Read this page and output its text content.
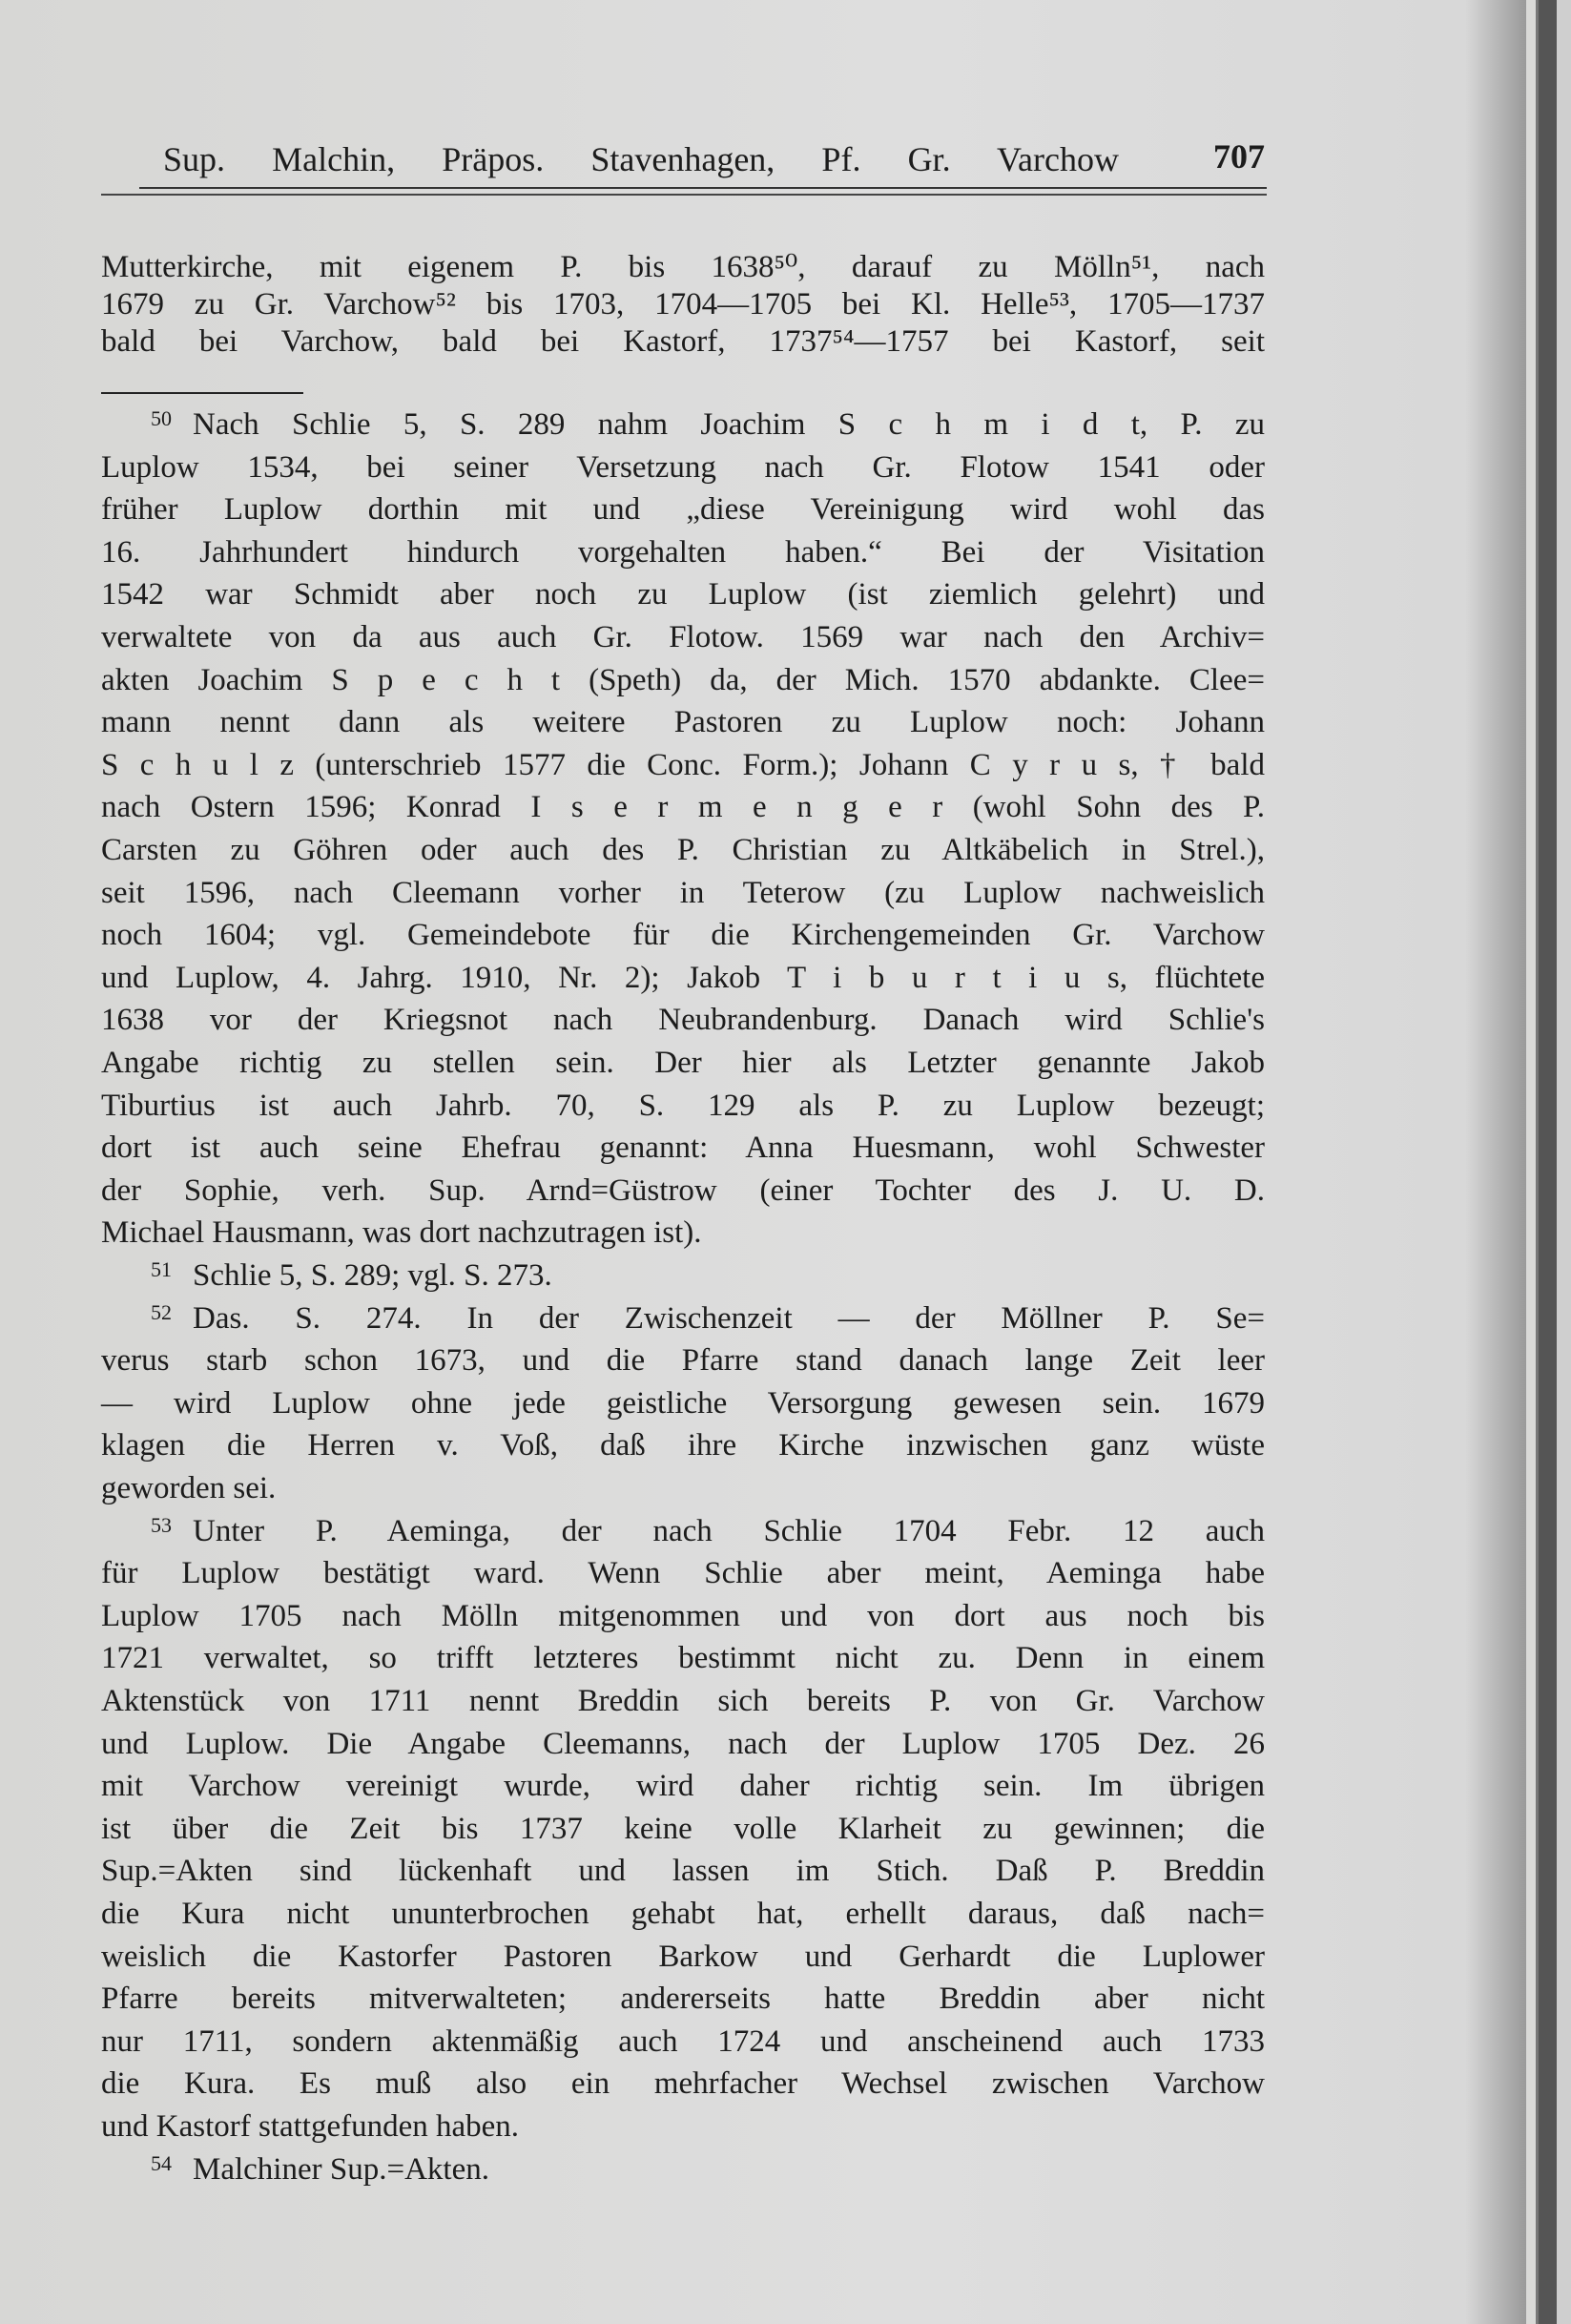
Sup. Malchin, Präpos. Stavenhagen, Pf. Gr. Varchow	707
Mutterkirche, mit eigenem P. bis 1638⁵⁰, darauf zu Mölln⁵¹, nach
1679 zu Gr. Varchow⁵² bis 1703, 1704—1705 bei Kl. Helle⁵³, 1705—1737
bald bei Varchow, bald bei Kastorf, 1737⁵⁴—1757 bei Kastorf, seit
50 Nach Schlie 5, S. 289 nahm Joachim S c h m i d t, P. zu
Luplow 1534, bei seiner Versetzung nach Gr. Flotow 1541 oder
früher Luplow dorthin mit und „diese Vereinigung wird wohl das
16. Jahrhundert hindurch vorgehalten haben.“ Bei der Visitation
1542 war Schmidt aber noch zu Luplow (ist ziemlich gelehrt) und
verwaltete von da aus auch Gr. Flotow. 1569 war nach den Archiv=
akten Joachim S p e c h t (Speth) da, der Mich. 1570 abdankte. Clee=
mann nennt dann als weitere Pastoren zu Luplow noch: Johann
S c h u l z (unterschrieb 1577 die Conc. Form.); Johann C y r u s, † bald
nach Ostern 1596; Konrad I s e r m e n g e r (wohl Sohn des P.
Carsten zu Göhren oder auch des P. Christian zu Altkäbelich in Strel.),
seit 1596, nach Cleemann vorher in Teterow (zu Luplow nachweislich
noch 1604; vgl. Gemeindebote für die Kirchengemeinden Gr. Varchow
und Luplow, 4. Jahrg. 1910, Nr. 2); Jakob T i b u r t i u s, flüchtete
1638 vor der Kriegsnot nach Neubrandenburg. Danach wird Schlie's
Angabe richtig zu stellen sein. Der hier als Letzter genannte Jakob
Tiburtius ist auch Jahrb. 70, S. 129 als P. zu Luplow bezeugt;
dort ist auch seine Ehefrau genannt: Anna Huesmann, wohl Schwester
der Sophie, verh. Sup. Arnd=Güstrow (einer Tochter des J. U. D.
Michael Hausmann, was dort nachzutragen ist).
51 Schlie 5, S. 289; vgl. S. 273.
52 Das. S. 274. In der Zwischenzeit — der Möllner P. Se=
verus starb schon 1673, und die Pfarre stand danach lange Zeit leer
— wird Luplow ohne jede geistliche Versorgung gewesen sein. 1679
klagen die Herren v. Voß, daß ihre Kirche inzwischen ganz wüste
geworden sei.
53 Unter P. Aeminga, der nach Schlie 1704 Febr. 12 auch
für Luplow bestätigt ward. Wenn Schlie aber meint, Aeminga habe
Luplow 1705 nach Mölln mitgenommen und von dort aus noch bis
1721 verwaltet, so trifft letzteres bestimmt nicht zu. Denn in einem
Aktenstück von 1711 nennt Breddin sich bereits P. von Gr. Varchow
und Luplow. Die Angabe Cleemanns, nach der Luplow 1705 Dez. 26
mit Varchow vereinigt wurde, wird daher richtig sein. Im übrigen
ist über die Zeit bis 1737 keine volle Klarheit zu gewinnen; die
Sup.=Akten sind lückenhaft und lassen im Stich. Daß P. Breddin
die Kura nicht ununterbrochen gehabt hat, erhellt daraus, daß nach=
weislich die Kastorfer Pastoren Barkow und Gerhardt die Luplower
Pfarre bereits mitverwalteten; andererseits hatte Breddin aber nicht
nur 1711, sondern aktenmäßig auch 1724 und anscheinend auch 1733
die Kura. Es muß also ein mehrfacher Wechsel zwischen Varchow
und Kastorf stattgefunden haben.
54 Malchiner Sup.=Akten.
